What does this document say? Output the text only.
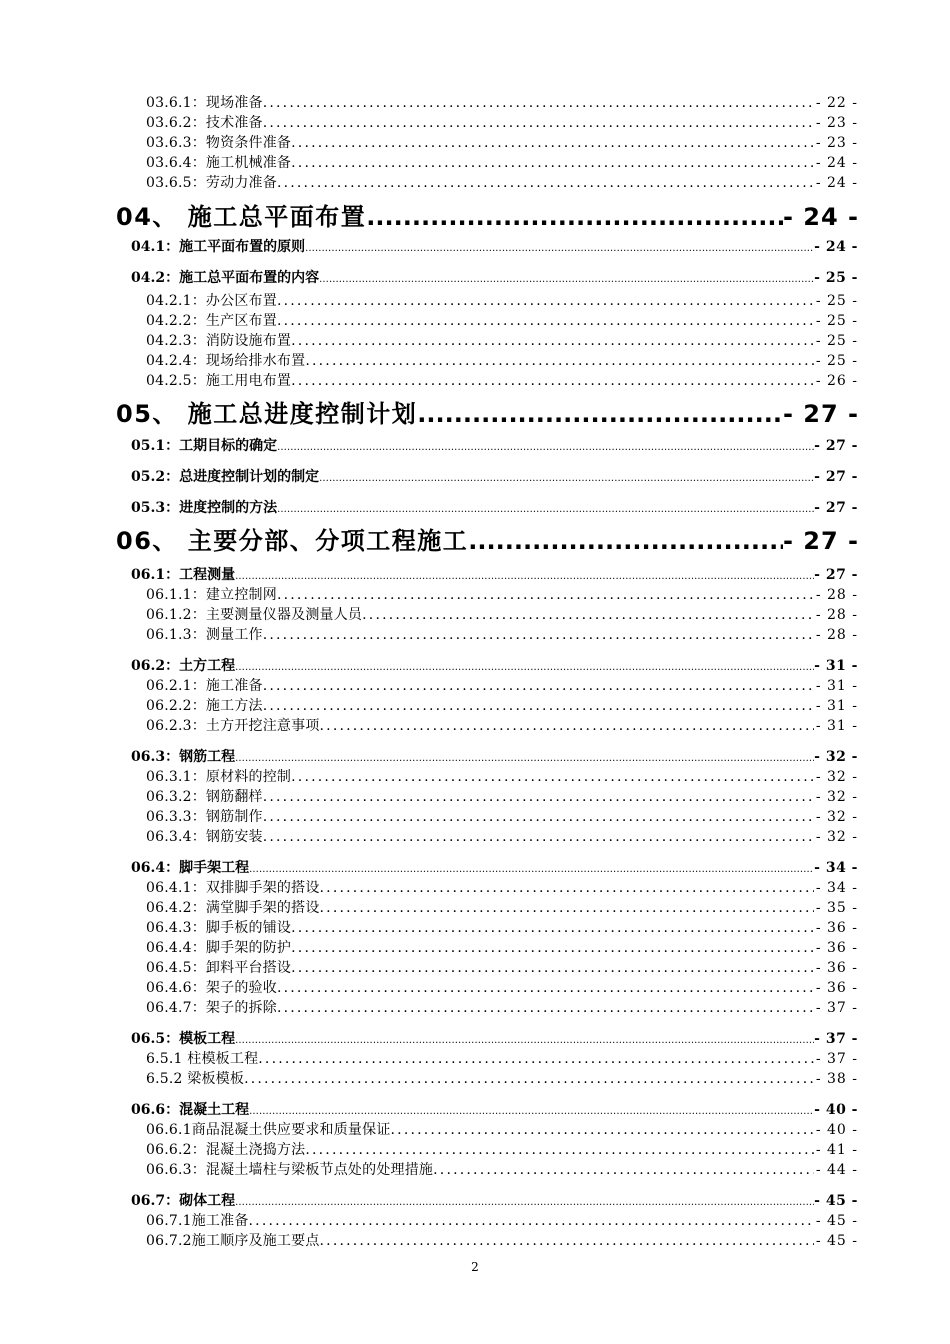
03.6.1：现场准备 .....	- 22 -
03.6.2：技术准备 .....	- 23 -
03.6.3：物资条件准备 .....	- 23 -
03.6.4：施工机械准备 .....	- 24 -
03.6.5：劳动力准备 .....	- 24 -
04、 施工总平面布置 .....	- 24 -
04.1：施工平面布置的原则 .....	- 24 -
04.2：施工总平面布置的内容 .....	- 25 -
04.2.1：办公区布置 .....	- 25 -
04.2.2：生产区布置 .....	- 25 -
04.2.3：消防设施布置 .....	- 25 -
04.2.4：现场给排水布置 .....	- 25 -
04.2.5：施工用电布置 .....	- 26 -
05、 施工总进度控制计划 .....	- 27 -
05.1：工期目标的确定 .....	- 27 -
05.2：总进度控制计划的制定 .....	- 27 -
05.3：进度控制的方法 .....	- 27 -
06、 主要分部、分项工程施工 .....	- 27 -
06.1：工程测量 .....	- 27 -
06.1.1：建立控制网 .....	- 28 -
06.1.2：主要测量仪器及测量人员 .....	- 28 -
06.1.3：测量工作 .....	- 28 -
06.2：土方工程 .....	- 31 -
06.2.1：施工准备 .....	- 31 -
06.2.2：施工方法 .....	- 31 -
06.2.3：土方开挖注意事项 .....	- 31 -
06.3：钢筋工程 .....	- 32 -
06.3.1：原材料的控制 .....	- 32 -
06.3.2：钢筋翻样 .....	- 32 -
06.3.3：钢筋制作 .....	- 32 -
06.3.4：钢筋安装 .....	- 32 -
06.4：脚手架工程 .....	- 34 -
06.4.1：双排脚手架的搭设 .....	- 34 -
06.4.2：满堂脚手架的搭设 .....	- 35 -
06.4.3：脚手板的铺设 .....	- 36 -
06.4.4：脚手架的防护 .....	- 36 -
06.4.5：卸料平台搭设 .....	- 36 -
06.4.6：架子的验收 .....	- 36 -
06.4.7：架子的拆除 .....	- 37 -
06.5：模板工程 .....	- 37 -
6.5.1 柱模板工程 .....	- 37 -
6.5.2 梁板模板 .....	- 38 -
06.6：混凝土工程 .....	- 40 -
06.6.1商品混凝土供应要求和质量保证 .....	- 40 -
06.6.2：混凝土浇捣方法 .....	- 41 -
06.6.3：混凝土墙柱与梁板节点处的处理措施 .....	- 44 -
06.7：砌体工程 .....	- 45 -
06.7.1施工准备 .....	- 45 -
06.7.2施工顺序及施工要点 .....	- 45 -
2
